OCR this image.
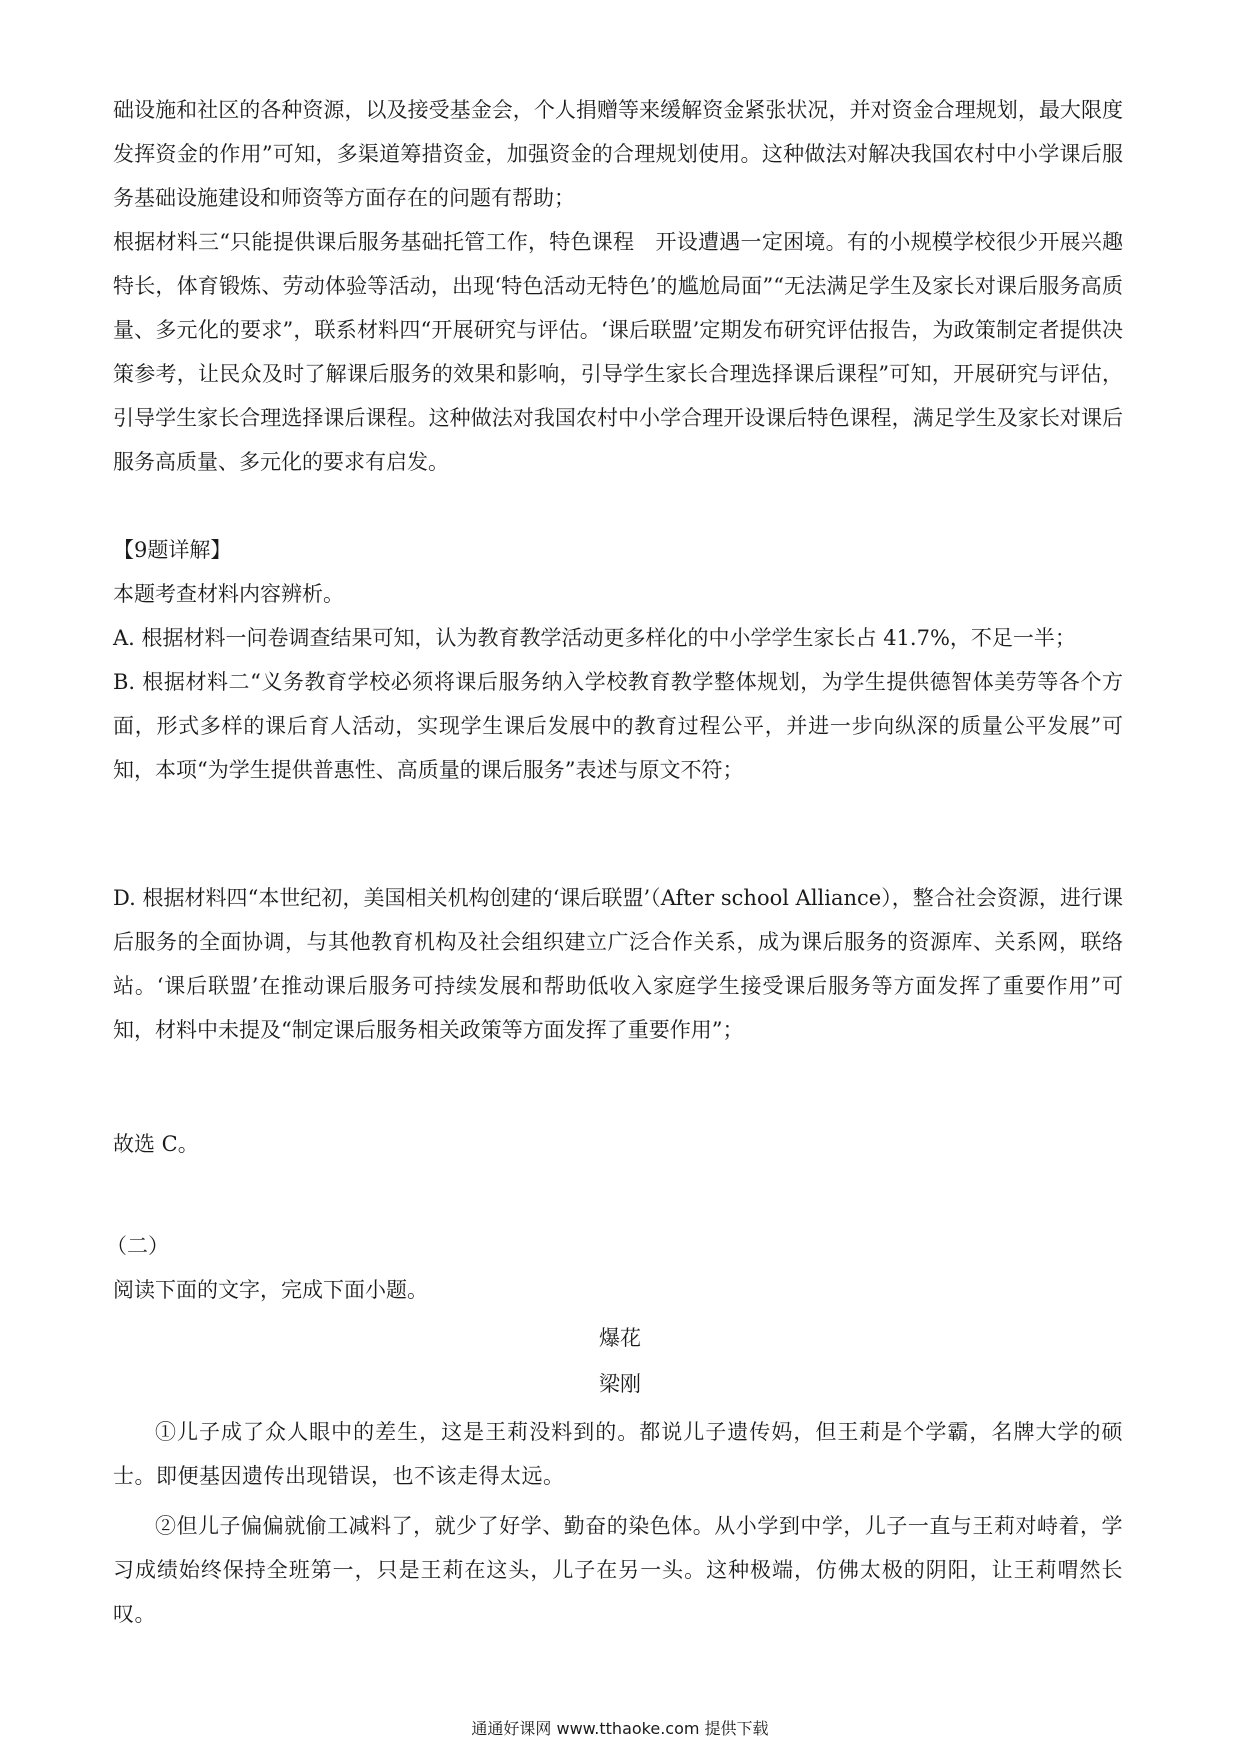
础设施和社区的各种资源，以及接受基金会，个人捐赠等来缓解资金紧张状况，并对资金合理规划，最大限度发挥资金的作用”可知，多渠道筹措资金，加强资金的合理规划使用。这种做法对解决我国农村中小学课后服务基础设施建设和师资等方面存在的问题有帮助；

根据材料三“只能提供课后服务基础托管工作，特色课程　开设遭遇一定困境。有的小规模学校很少开展兴趣特长，体育锻炼、劳动体验等活动，出现‘特色活动无特色’的尴尬局面”“无法满足学生及家长对课后服务高质量、多元化的要求”，联系材料四“开展研究与评估。‘课后联盟’定期发布研究评估报告，为政策制定者提供决策参考，让民众及时了解课后服务的效果和影响，引导学生家长合理选择课后课程”可知，开展研究与评估，引导学生家长合理选择课后课程。这种做法对我国农村中小学合理开设课后特色课程，满足学生及家长对课后服务高质量、多元化的要求有启发。

【9题详解】

本题考查材料内容辨析。

A. 根据材料一问卷调查结果可知，认为教育教学活动更多样化的中小学学生家长占 41.7%，不足一半；

B. 根据材料二“义务教育学校必须将课后服务纳入学校教育教学整体规划，为学生提供德智体美劳等各个方面，形式多样的课后育人活动，实现学生课后发展中的教育过程公平，并进一步向纵深的质量公平发展”可知，本项“为学生提供普惠性、高质量的课后服务”表述与原文不符；

D. 根据材料四“本世纪初，美国相关机构创建的‘课后联盟’（After school Alliance），整合社会资源，进行课后服务的全面协调，与其他教育机构及社会组织建立广泛合作关系，成为课后服务的资源库、关系网，联络站。‘课后联盟’在推动课后服务可持续发展和帮助低收入家庭学生接受课后服务等方面发挥了重要作用”可知，材料中未提及“制定课后服务相关政策等方面发挥了重要作用”；

故选 C。

（二）

阅读下面的文字，完成下面小题。

爆花

梁刚

①儿子成了众人眼中的差生，这是王莉没料到的。都说儿子遗传妈，但王莉是个学霸，名牌大学的硕士。即便基因遗传出现错误，也不该走得太远。

②但儿子偏偏就偷工减料了，就少了好学、勤奋的染色体。从小学到中学，儿子一直与王莉对峙着，学习成绩始终保持全班第一，只是王莉在这头，儿子在另一头。这种极端，仿佛太极的阴阳，让王莉喟然长叹。

通通好课网 www.tthaoke.com 提供下载
